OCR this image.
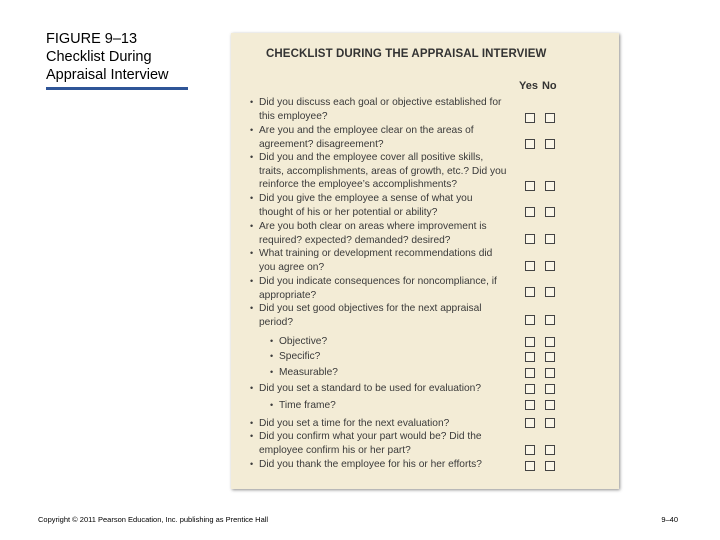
FIGURE 9–13
Checklist During
Appraisal Interview
CHECKLIST DURING THE APPRAISAL INTERVIEW
Yes No
• Did you discuss each goal or objective established for this employee?
• Are you and the employee clear on the areas of agreement? disagreement?
• Did you and the employee cover all positive skills, traits, accomplishments, areas of growth, etc.? Did you reinforce the employee’s accomplishments?
• Did you give the employee a sense of what you thought of his or her potential or ability?
• Are you both clear on areas where improvement is required? expected? demanded? desired?
• What training or development recommendations did you agree on?
• Did you indicate consequences for noncompliance, if appropriate?
• Did you set good objectives for the next appraisal period?
• Objective?
• Specific?
• Measurable?
• Did you set a standard to be used for evaluation?
• Time frame?
• Did you set a time for the next evaluation?
• Did you confirm what your part would be? Did the employee confirm his or her part?
• Did you thank the employee for his or her efforts?
Copyright © 2011 Pearson Education, Inc. publishing as Prentice Hall	9–40
